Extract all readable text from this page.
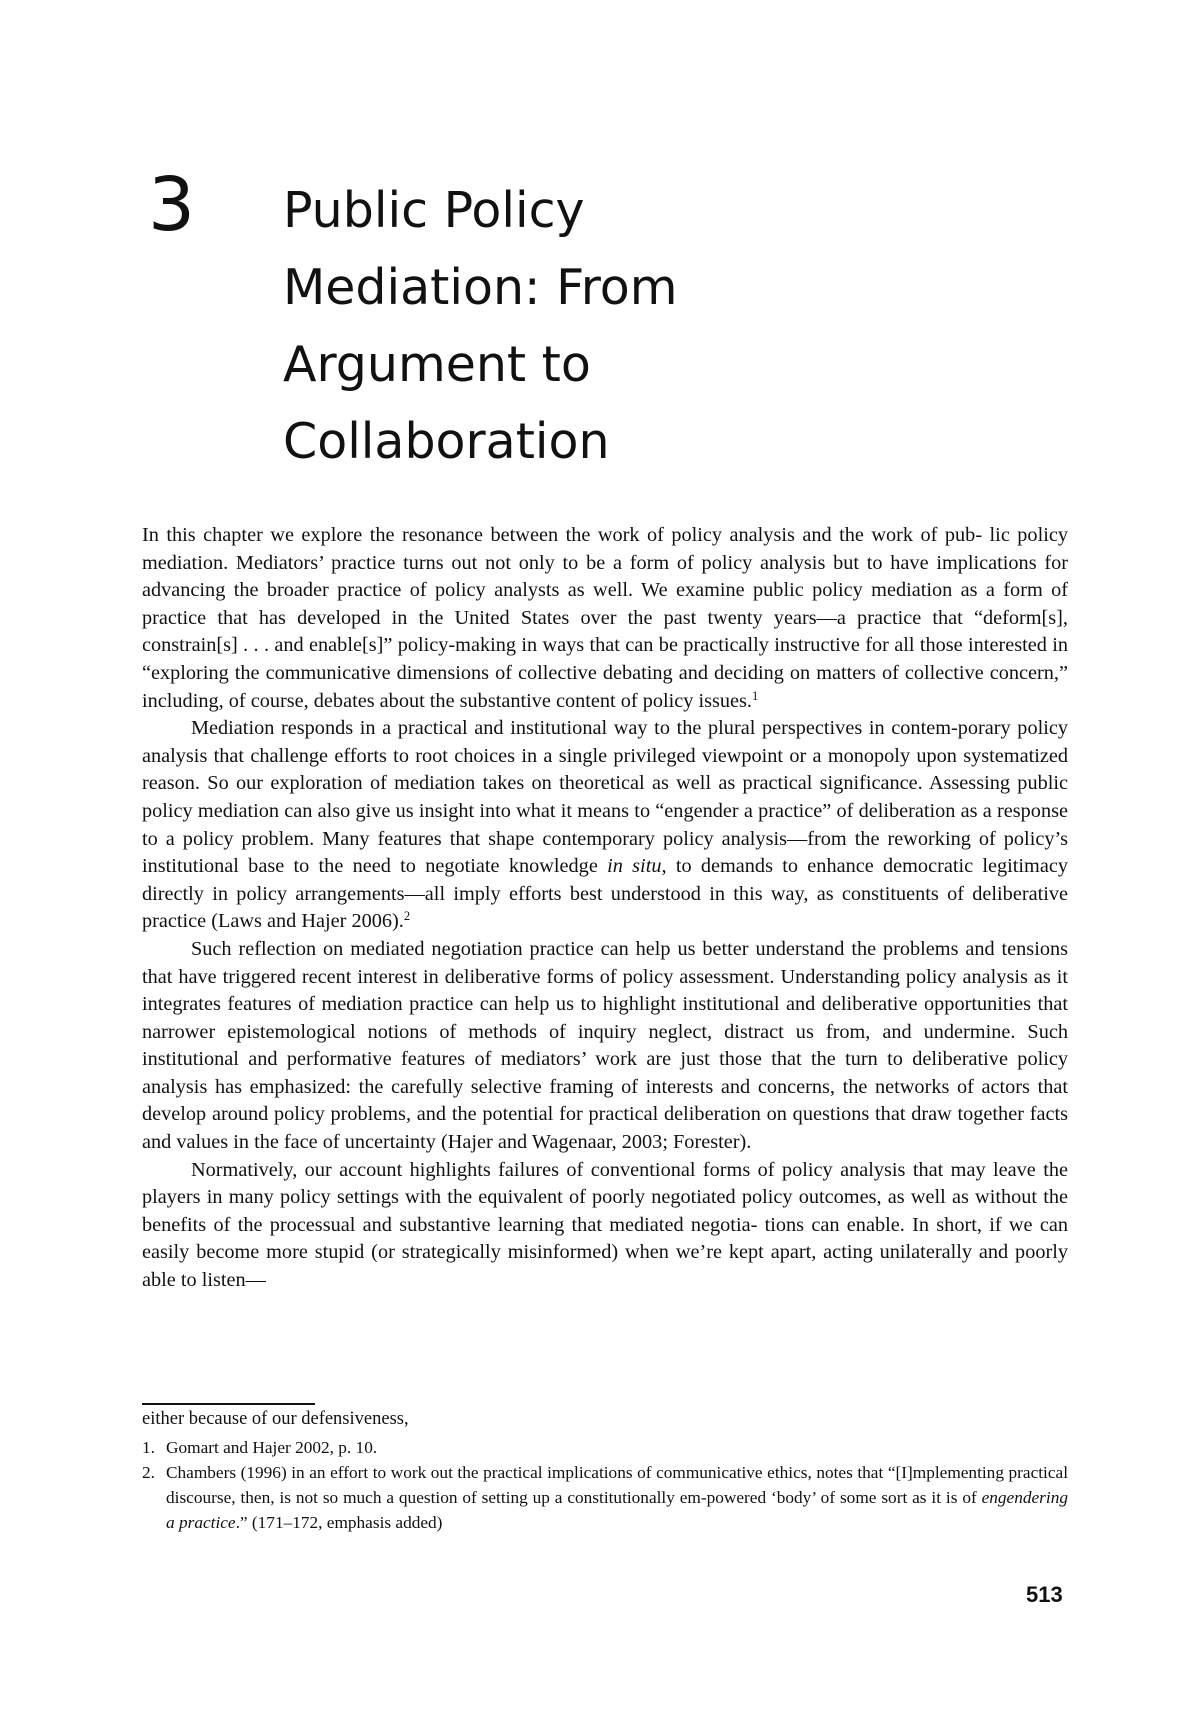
3 Public Policy
Mediation: From
Argument to
Collaboration

In this chapter we explore the resonance between the work of policy analysis and the work of pub- lic policy mediation. Mediators’ practice turns out not only to be a form of policy analysis but to have implications for advancing the broader practice of policy analysts as well. We examine public policy mediation as a form of practice that has developed in the United States over the past twenty years—a practice that “deform[s], constrain[s] . . . and enable[s]” policy-making in ways that can be practically instructive for all those interested in “exploring the communicative dimensions of collective debating and deciding on matters of collective concern,” including, of course, debates about the substantive content of policy issues.$^1$

Mediation responds in a practical and institutional way to the plural perspectives in contem-porary policy analysis that challenge efforts to root choices in a single privileged viewpoint or a monopoly upon systematized reason. So our exploration of mediation takes on theoretical as well as practical significance. Assessing public policy mediation can also give us insight into what it means to “engender a practice” of deliberation as a response to a policy problem. Many features that shape contemporary policy analysis—from the reworking of policy’s institutional base to the need to negotiate knowledge in situ, to demands to enhance democratic legitimacy directly in policy arrangements—all imply efforts best understood in this way, as constituents of deliberative practice (Laws and Hajer 2006).$^2$

Such reflection on mediated negotiation practice can help us better understand the problems and tensions that have triggered recent interest in deliberative forms of policy assessment. Understanding policy analysis as it integrates features of mediation practice can help us to highlight institutional and deliberative opportunities that narrower epistemological notions of methods of inquiry neglect, distract us from, and undermine. Such institutional and performative features of mediators’ work are just those that the turn to deliberative policy analysis has emphasized: the carefully selective framing of interests and concerns, the networks of actors that develop around policy problems, and the potential for practical deliberation on questions that draw together facts and values in the face of uncertainty (Hajer and Wagenaar, 2003; Forester).

Normatively, our account highlights failures of conventional forms of policy analysis that may leave the players in many policy settings with the equivalent of poorly negotiated policy outcomes, as well as without the benefits of the processual and substantive learning that mediated negotia- tions can enable. In short, if we can easily become more stupid (or strategically misinformed) when we’re kept apart, acting unilaterally and poorly able to listen—

either because of our defensiveness,

1. Gomart and Hajer 2002, p. 10.
2. Chambers (1996) in an effort to work out the practical implications of communicative ethics, notes that “[I]mplementing practical discourse, then, is not so much a question of setting up a constitutionally em-powered ‘body’ of some sort as it is of engendering a practice.” (171–172, emphasis added)
513
